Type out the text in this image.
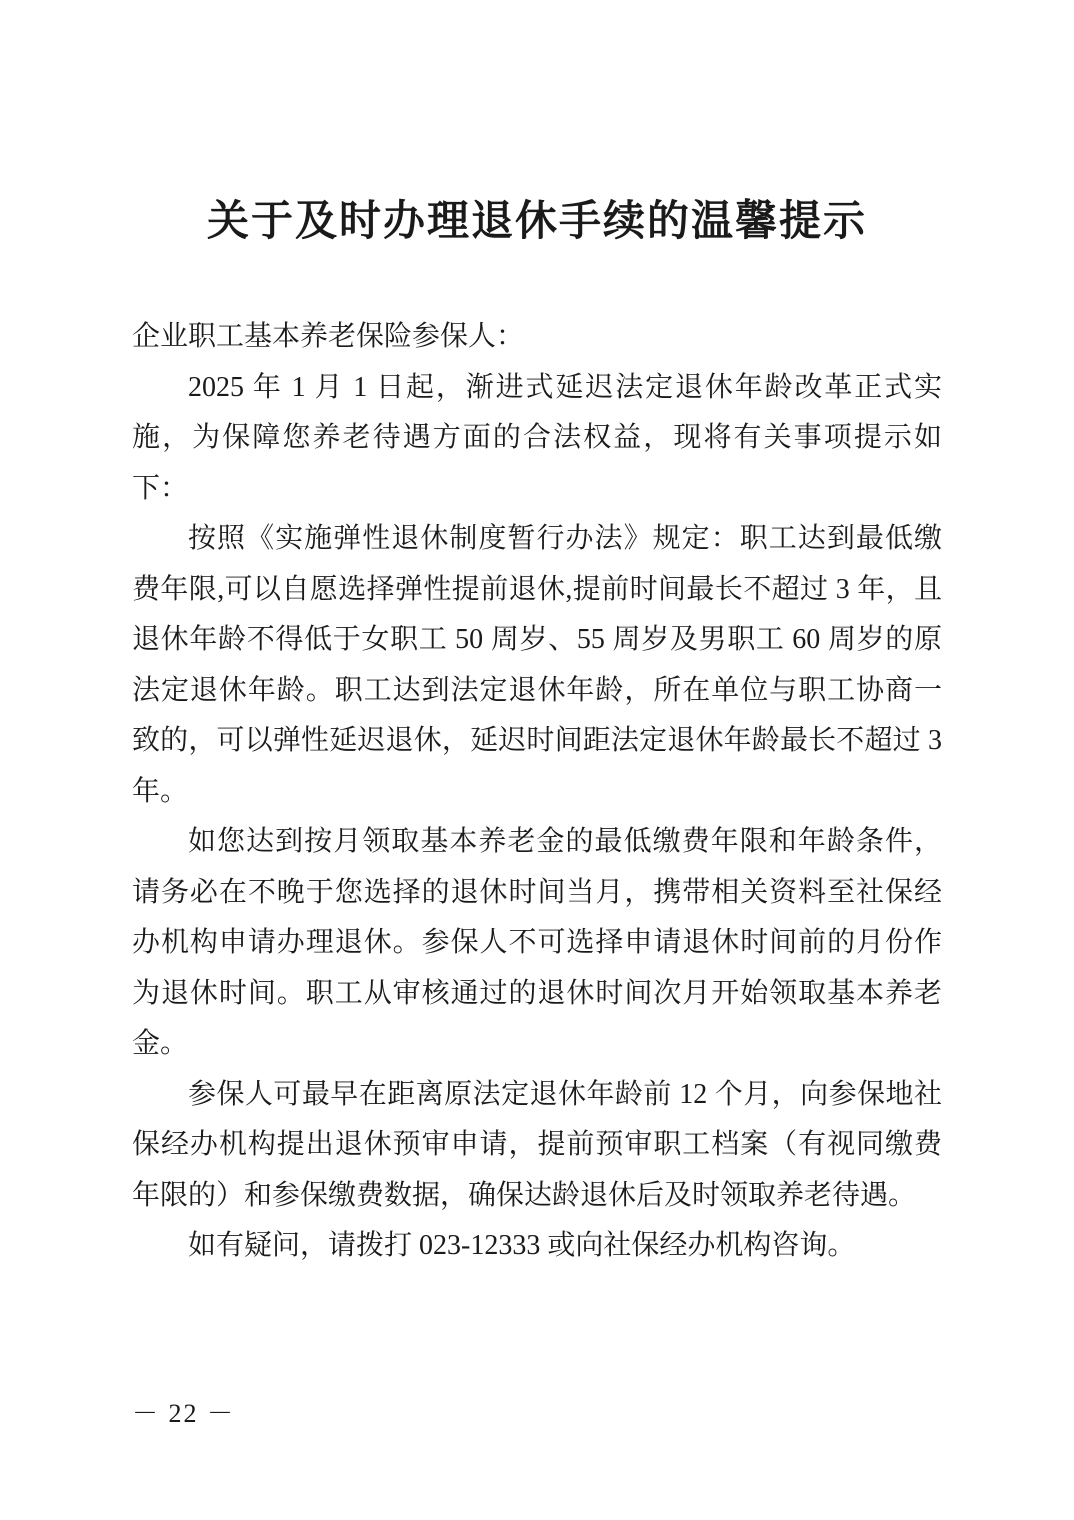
关于及时办理退休手续的温馨提示

企业职工基本养老保险参保人：

2025 年 1 月 1 日起，渐进式延迟法定退休年龄改革正式实施，为保障您养老待遇方面的合法权益，现将有关事项提示如下：

按照《实施弹性退休制度暂行办法》规定：职工达到最低缴费年限,可以自愿选择弹性提前退休,提前时间最长不超过 3 年，且退休年龄不得低于女职工 50 周岁、55 周岁及男职工 60 周岁的原法定退休年龄。职工达到法定退休年龄，所在单位与职工协商一致的，可以弹性延迟退休，延迟时间距法定退休年龄最长不超过 3 年。

如您达到按月领取基本养老金的最低缴费年限和年龄条件，请务必在不晚于您选择的退休时间当月，携带相关资料至社保经办机构申请办理退休。参保人不可选择申请退休时间前的月份作为退休时间。职工从审核通过的退休时间次月开始领取基本养老金。

参保人可最早在距离原法定退休年龄前 12 个月，向参保地社保经办机构提出退休预审申请，提前预审职工档案（有视同缴费年限的）和参保缴费数据，确保达龄退休后及时领取养老待遇。

如有疑问，请拨打 023-12333 或向社保经办机构咨询。

－ 22 －
